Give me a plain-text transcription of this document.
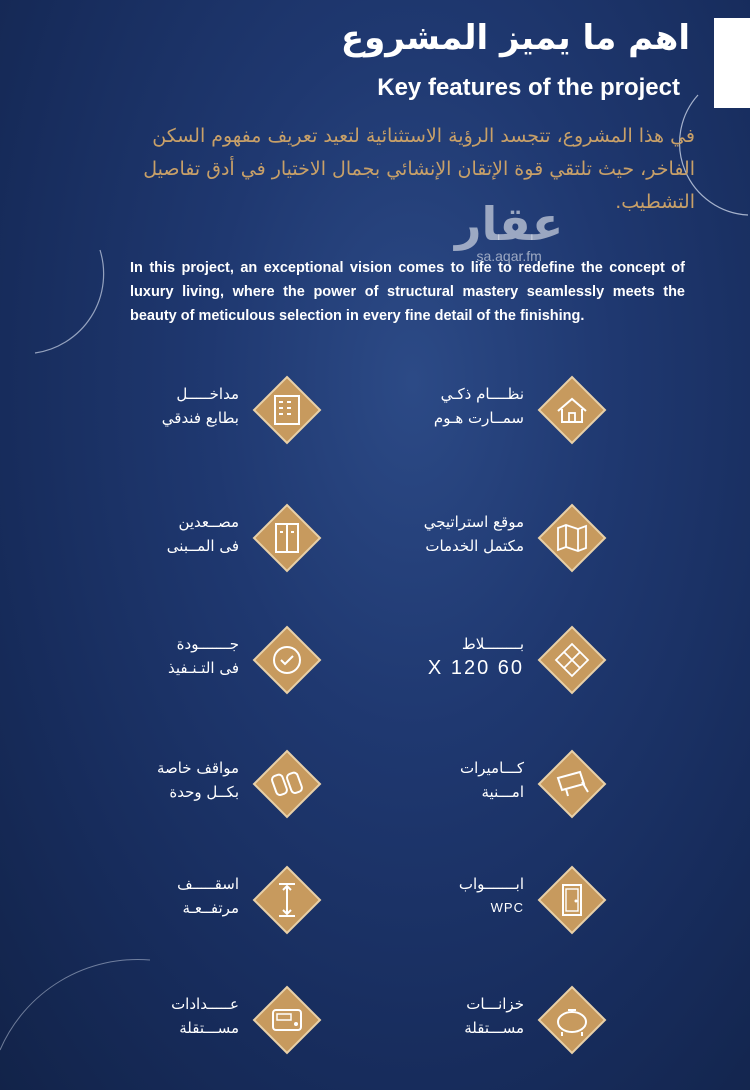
اهم ما يميز المشروع
Key features of the project
في هذا المشروع، تتجسد الرؤية الاستثنائية لتعيد تعريف مفهوم السكن الفاخر، حيث تلتقي قوة الإتقان الإنشائي بجمال الاختيار في أدق تفاصيل التشطيب.
عقار
sa.aqar.fm
In this project, an exceptional vision comes to life to redefine the concept of luxury living, where the power of structural mastery seamlessly meets the beauty of meticulous selection in every fine detail of the finishing.
نظــــام ذكـي
سمــارت هـوم
مداخـــــل
بطابع فندقي
موقع استراتيجي
مكتمل الخدمات
مصــعدين
فى المــبنى
بــــــــلاط
60 X 120
جـــــــودة
فى التـنـفيذ
كـــاميرات
امـــنية
مواقف خاصة
بكــل وحدة
ابـــــــواب
WPC
اسقـــــف
مرتفــعـة
خزانـــات
مســـتقلة
عـــــدادات
مســـتقلة
